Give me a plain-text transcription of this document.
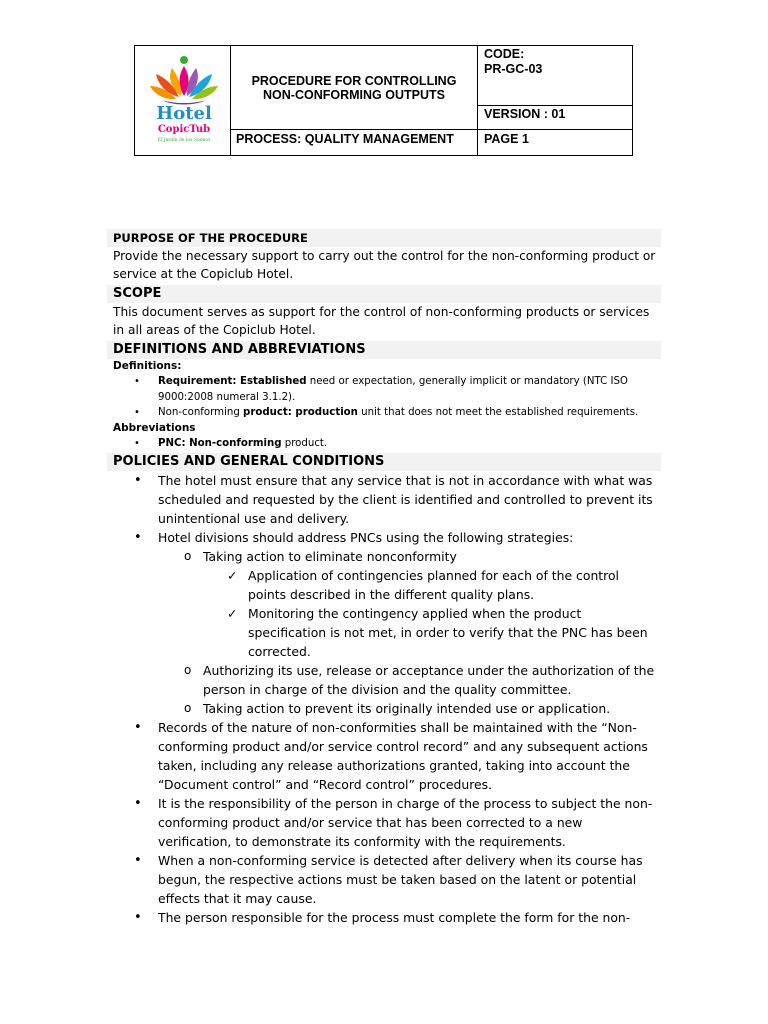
Hotel
CopicTub
El Jardín de los Sueños
PROCEDURE FOR CONTROLLING
NON-CONFORMING OUTPUTS
PROCESS: QUALITY MANAGEMENT
CODE:
PR-GC-03
VERSION : 01
PAGE 1
PURPOSE OF THE PROCEDURE
Provide the necessary support to carry out the control for the non-conforming product or
service at the Copiclub Hotel.
SCOPE
This document serves as support for the control of non-conforming products or services
in all areas of the Copiclub Hotel.
DEFINITIONS AND ABBREVIATIONS
Definitions:
• Requirement: Established need or expectation, generally implicit or mandatory (NTC ISO
9000:2008 numeral 3.1.2).
• Non-conforming product: production unit that does not meet the established requirements.
Abbreviations
• PNC: Non-conforming product.
POLICIES AND GENERAL CONDITIONS
• The hotel must ensure that any service that is not in accordance with what was
scheduled and requested by the client is identified and controlled to prevent its
unintentional use and delivery.
• Hotel divisions should address PNCs using the following strategies:
o Taking action to eliminate nonconformity
✓ Application of contingencies planned for each of the control
points described in the different quality plans.
✓ Monitoring the contingency applied when the product
specification is not met, in order to verify that the PNC has been
corrected.
o Authorizing its use, release or acceptance under the authorization of the
person in charge of the division and the quality committee.
o Taking action to prevent its originally intended use or application.
• Records of the nature of non-conformities shall be maintained with the “Non-
conforming product and/or service control record” and any subsequent actions
taken, including any release authorizations granted, taking into account the
“Document control” and “Record control” procedures.
• It is the responsibility of the person in charge of the process to subject the non-
conforming product and/or service that has been corrected to a new
verification, to demonstrate its conformity with the requirements.
• When a non-conforming service is detected after delivery when its course has
begun, the respective actions must be taken based on the latent or potential
effects that it may cause.
• The person responsible for the process must complete the form for the non-
